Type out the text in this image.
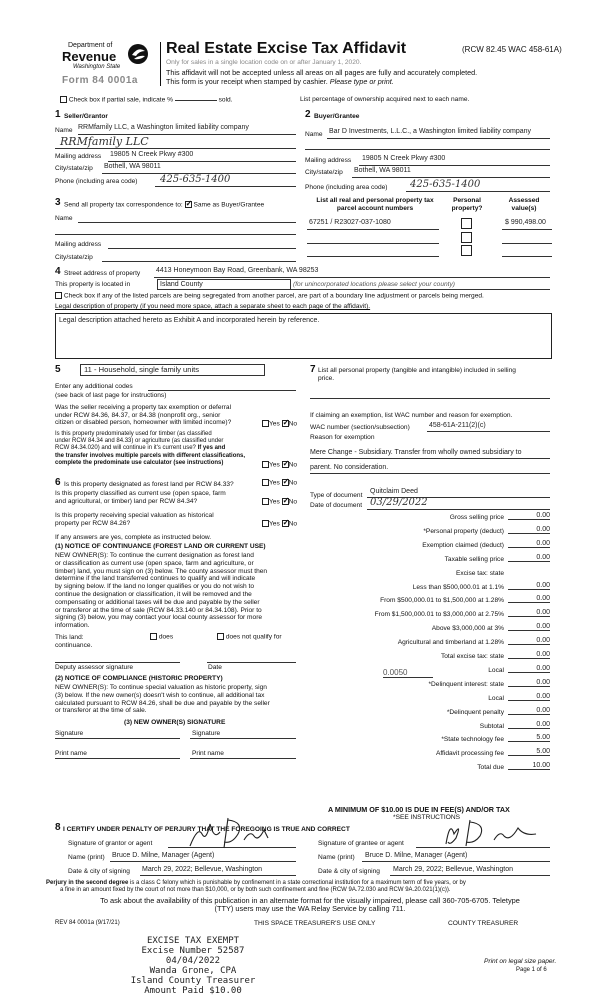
Department of
Revenue
Washington State
Form 84 0001a
Real Estate Excise Tax Affidavit	(RCW 82.45 WAC 458-61A)
Only for sales in a single location code on or after January 1, 2020.
This affidavit will not be accepted unless all areas on all pages are fully and accurately completed.
This form is your receipt when stamped by cashier. Please type or print.
Check box if partial sale, indicate %	sold.	List percentage of ownership acquired next to each name.
1 Seller/Grantor
Name RRMfamily LLC, a Washington limited liability company
RRMfamily LLC
Mailing address 19805 N Creek Pkwy #300
City/state/zip Bothell, WA 98011
Phone (including area code) 425-635-1400
2 Buyer/Grantee
Name Bar D Investments, L.L.C., a Washington limited liability company
Mailing address 19805 N Creek Pkwy #300
City/state/zip Bothell, WA 98011
Phone (including area code) 425-635-1400
3 Send all property tax correspondence to: ✓ Same as Buyer/Grantee
Name
Mailing address
City/state/zip
List all real and personal property tax parcel account numbers
Personal property?
Assessed value(s)
67251 / R23027-037-1080	$ 990,498.00
4 Street address of property 4413 Honeymoon Bay Road, Greenbank, WA 98253
This property is located in	Island County	(for unincorporated locations please select your county)
Check box if any of the listed parcels are being segregated from another parcel, are part of a boundary line adjustment or parcels being merged.
Legal description of property (if you need more space, attach a separate sheet to each page of the affidavit).
Legal description attached hereto as Exhibit A and incorporated herein by reference.
5	11 - Household, single family units
Enter any additional codes
(see back of last page for instructions)
Was the seller receiving a property tax exemption or deferral
under RCW 84.36, 84.37, or 84.38 (nonprofit org., senior
citizen or disabled person, homeowner with limited income)?	Yes ✓ No
Is this property predominately used for timber (as classified
under RCW 84.34 and 84.33) or agriculture (as classified under
RCW 84.34.020) and will continue in it's current use? If yes and
the transfer involves multiple parcels with different classifications,
complete the predominate use calculator (see instructions)	Yes ✓ No
6 Is this property designated as forest land per RCW 84.33?	Yes ✓ No
Is this property classified as current use (open space, farm
and agricultural, or timber) land per RCW 84.34?	Yes ✓ No
Is this property receiving special valuation as historical
property per RCW 84.26?	Yes ✓ No
If any answers are yes, complete as instructed below.
(1) NOTICE OF CONTINUANCE (FOREST LAND OR CURRENT USE)
NEW OWNER(S): To continue the current designation as forest land
or classification as current use (open space, farm and agriculture, or
timber) land, you must sign on (3) below. The county assessor must then
determine if the land transferred continues to qualify and will indicate
by signing below. If the land no longer qualifies or you do not wish to
continue the designation or classification, it will be removed and the
compensating or additional taxes will be due and payable by the seller
or transferor at the time of sale (RCW 84.33.140 or 84.34.108). Prior to
signing (3) below, you may contact your local county assessor for more
information.
This land:
continuance.
does	does not qualify for
Deputy assessor signature	Date
(2) NOTICE OF COMPLIANCE (HISTORIC PROPERTY)
NEW OWNER(S): To continue special valuation as historic property, sign
(3) below. If the new owner(s) doesn't wish to continue, all additional tax
calculated pursuant to RCW 84.26, shall be due and payable by the seller
or transferor at the time of sale.
(3) NEW OWNER(S) SIGNATURE
Signature	Signature
Print name	Print name
7 List all personal property (tangible and intangible) included in selling
price.
If claiming an exemption, list WAC number and reason for exemption.
WAC number (section/subsection)	458-61A-211(2)(c)
Reason for exemption
Mere Change - Subsidiary. Transfer from wholly owned subsidiary to
parent. No consideration.
Type of document
Quitclaim Deed
Date of document 03/29/2022
Gross selling price	0.00
*Personal property (deduct)	0.00
Exemption claimed (deduct)	0.00
Taxable selling price	0.00
Excise tax: state
Less than $500,000.01 at 1.1%	0.00
From $500,000.01 to $1,500,000 at 1.28%	0.00
From $1,500,000.01 to $3,000,000 at 2.75%	0.00
Above $3,000,000 at 3%	0.00
Agricultural and timberland at 1.28%	0.00
Total excise tax: state	0.00
Local	0.00
*Delinquent interest: state	0.00
Local	0.00
*Delinquent penalty	0.00
Subtotal	0.00
*State technology fee	5.00
Affidavit processing fee	5.00
Total due	10.00
0.0050
A MINIMUM OF $10.00 IS DUE IN FEE(S) AND/OR TAX
*SEE INSTRUCTIONS
8 I CERTIFY UNDER PENALTY OF PERJURY THAT THE FOREGOING IS TRUE AND CORRECT
Signature of grantor or agent	Signature of grantee or agent
Name (print) Bruce D. Milne, Manager (Agent)	Name (print) Bruce D. Milne, Manager (Agent)
Date & city of signing March 29, 2022; Bellevue, Washington	Date & city of signing March 29, 2022; Bellevue, Washington
Perjury in the second degree is a class C felony which is punishable by confinement in a state correctional institution for a maximum term of five years, or by
a fine in an amount fixed by the court of not more than $10,000, or by both such confinement and fine (RCW 9A.72.030 and RCW 9A.20.021(1)(c)).
To ask about the availability of this publication in an alternate format for the visually impaired, please call 360-705-6705. Teletype
(TTY) users may use the WA Relay Service by calling 711.
REV 84 0001a (9/17/21)	THIS SPACE TREASURER'S USE ONLY	COUNTY TREASURER
EXCISE TAX EXEMPT
Excise Number 52587
04/04/2022
Wanda Grone, CPA
Island County Treasurer
Amount Paid $10.00
Print on legal size paper.
Page 1 of 6
